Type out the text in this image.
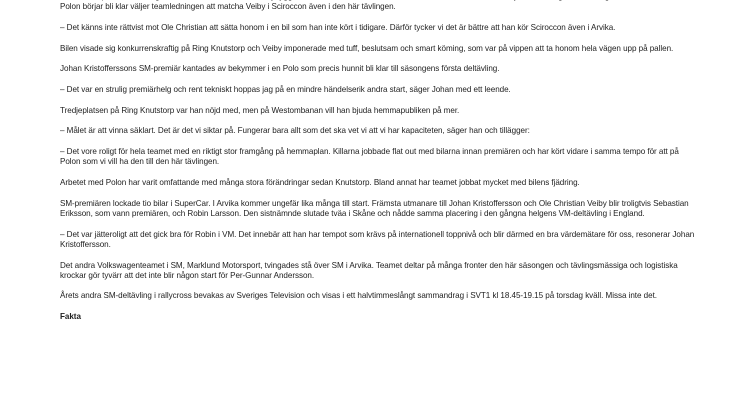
Polon börjar bli klar väljer teamledningen att matcha Veiby i Sciroccon även i den här tävlingen.

– Det känns inte rättvist mot Ole Christian att sätta honom i en bil som han inte kört i tidigare. Därför tycker vi det är bättre att han kör Sciroccon även i Arvika.

Bilen visade sig konkurrenskraftig på Ring Knutstorp och Veiby imponerade med tuff, beslutsam och smart köming, som var på vippen att ta honom hela vägen upp på pallen.

Johan Kristofferssons SM-premiär kantades av bekymmer i en Polo som precis hunnit bli klar till säsongens första deltävling.

– Det var en strulig premiärhelg och rent tekniskt hoppas jag på en mindre händelserik andra start, säger Johan med ett leende.

Tredjeplatsen på Ring Knutstorp var han nöjd med, men på Westombanan vill han bjuda hemmapubliken på mer.

– Målet är att vinna säklart. Det är det vi siktar på. Fungerar bara allt som det ska vet vi att vi har kapaciteten, säger han och tillägger:

– Det vore roligt för hela teamet med en riktigt stor framgång på hemmaplan. Killarna jobbade flat out med bilarna innan premiären och har kört vidare i samma tempo för att på Polon som vi vill ha den till den här tävlingen.

Arbetet med Polon har varit omfattande med många stora förändringar sedan Knutstorp. Bland annat har teamet jobbat mycket med bilens fjädring.

SM-premiären lockade tio bilar i SuperCar. I Arvika kommer ungefär lika många till start. Främsta utmanare till Johan Kristoffersson och Ole Christian Veiby blir troligtvis Sebastian Eriksson, som vann premiären, och Robin Larsson. Den sistnämnde slutade tväa i Skåne och nådde samma placering i den gångna helgens VM-deltävling i England.

– Det var jätteroligt att det gick bra för Robin i VM. Det innebär att han har tempot som krävs på internationell toppnivå och blir därmed en bra värdemätare för oss, resonerar Johan Kristoffersson.

Det andra Volkswagenteamet i SM, Marklund Motorsport, tvingades stå över SM i Arvika. Teamet deltar på många fronter den här säsongen och tävlingsmässiga och logistiska krockar gör tyvärr att det inte blir någon start för Per-Gunnar Andersson.

Årets andra SM-deltävling i rallycross bevakas av Sveriges Television och visas i ett halvtimmeslångt sammandrag i SVT1 kl 18.45-19.15 på torsdag kväll. Missa inte det.

Fakta
